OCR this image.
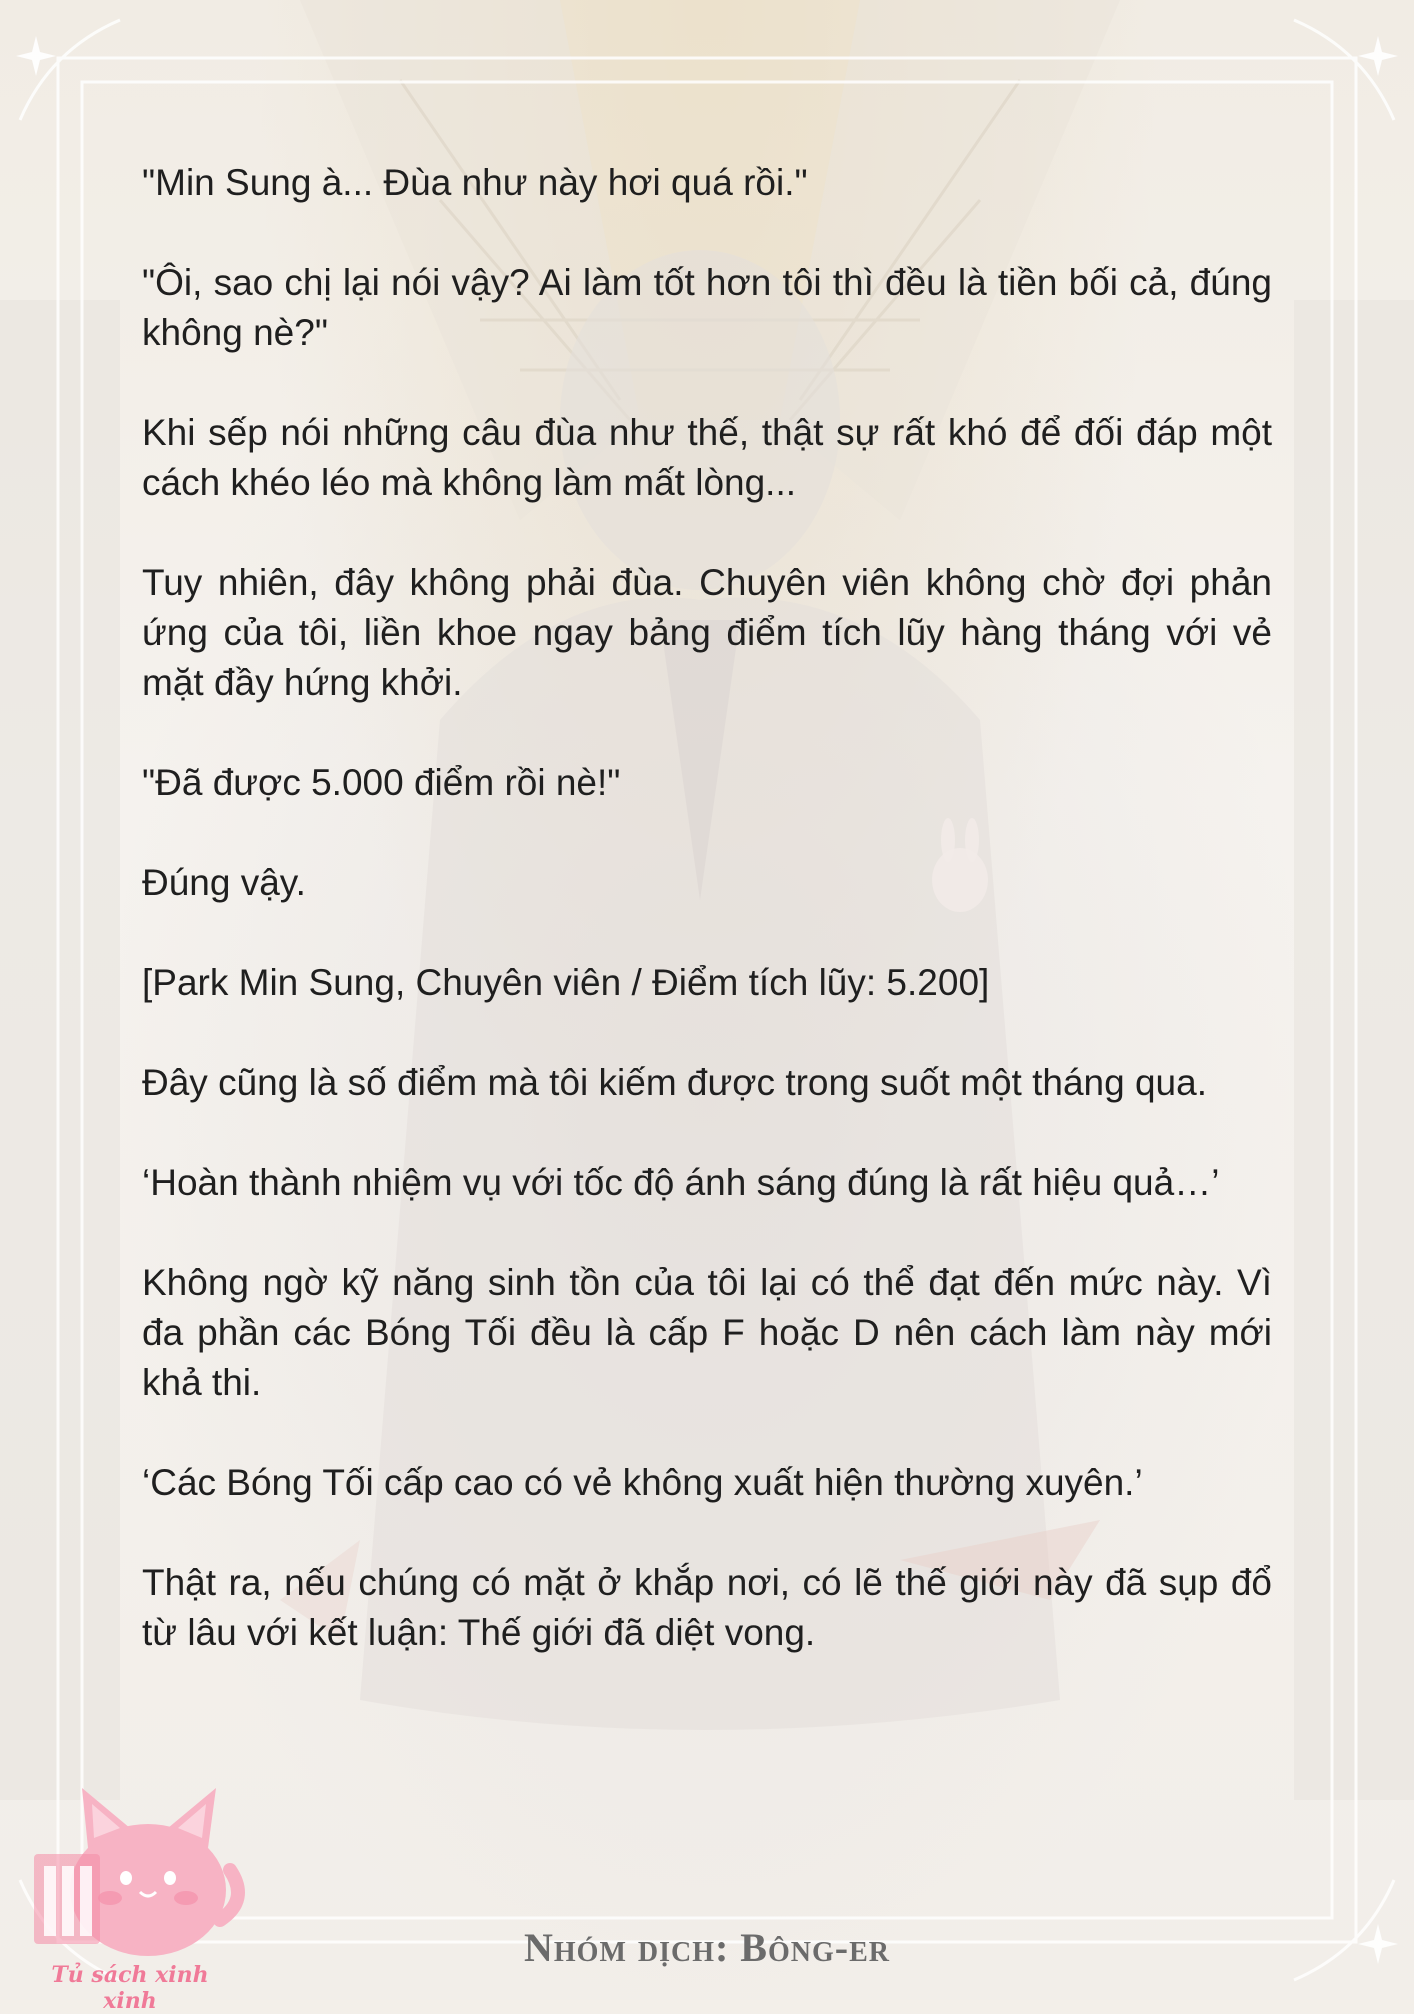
"Min Sung à... Đùa như này hơi quá rồi."

"Ôi, sao chị lại nói vậy? Ai làm tốt hơn tôi thì đều là tiền bối cả, đúng không nè?"

Khi sếp nói những câu đùa như thế, thật sự rất khó để đối đáp một cách khéo léo mà không làm mất lòng...

Tuy nhiên, đây không phải đùa. Chuyên viên không chờ đợi phản ứng của tôi, liền khoe ngay bảng điểm tích lũy hàng tháng với vẻ mặt đầy hứng khởi.

"Đã được 5.000 điểm rồi nè!"

Đúng vậy.

[Park Min Sung, Chuyên viên / Điểm tích lũy: 5.200]

Đây cũng là số điểm mà tôi kiếm được trong suốt một tháng qua.

‘Hoàn thành nhiệm vụ với tốc độ ánh sáng đúng là rất hiệu quả…’

Không ngờ kỹ năng sinh tồn của tôi lại có thể đạt đến mức này. Vì đa phần các Bóng Tối đều là cấp F hoặc D nên cách làm này mới khả thi.

‘Các Bóng Tối cấp cao có vẻ không xuất hiện thường xuyên.’

Thật ra, nếu chúng có mặt ở khắp nơi, có lẽ thế giới này đã sụp đổ từ lâu với kết luận: Thế giới đã diệt vong.

Tủ sách xinh xinh
Nhóm dịch: Bông-er
